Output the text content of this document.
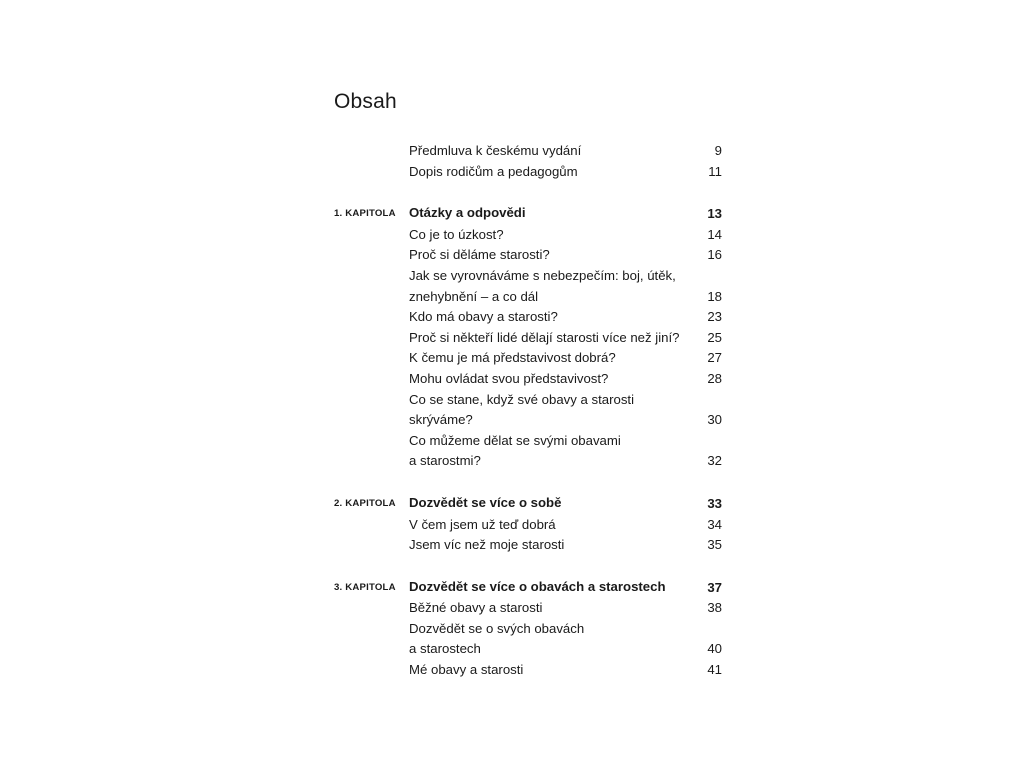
Obsah
Předmluva k českému vydání	9
Dopis rodičům a pedagogům	11
1. KAPITOLA	Otázky a odpovědi	13
Co je to úzkost?	14
Proč si děláme starosti?	16
Jak se vyrovnáváme s nebezpečím: boj, útěk,
znehybnění – a co dál	18
Kdo má obavy a starosti?	23
Proč si někteří lidé dělají starosti více než jiní?	25
K čemu je má představivost dobrá?	27
Mohu ovládat svou představivost?	28
Co se stane, když své obavy a starosti
skrýváme?	30
Co můžeme dělat se svými obavami
a starostmi?	32
2. KAPITOLA	Dozvědět se více o sobě	33
V čem jsem už teď dobrá	34
Jsem víc než moje starosti	35
3. KAPITOLA	Dozvědět se více o obavách a starostech	37
Běžné obavy a starosti	38
Dozvědět se o svých obavách
a starostech	40
Mé obavy a starosti	41
